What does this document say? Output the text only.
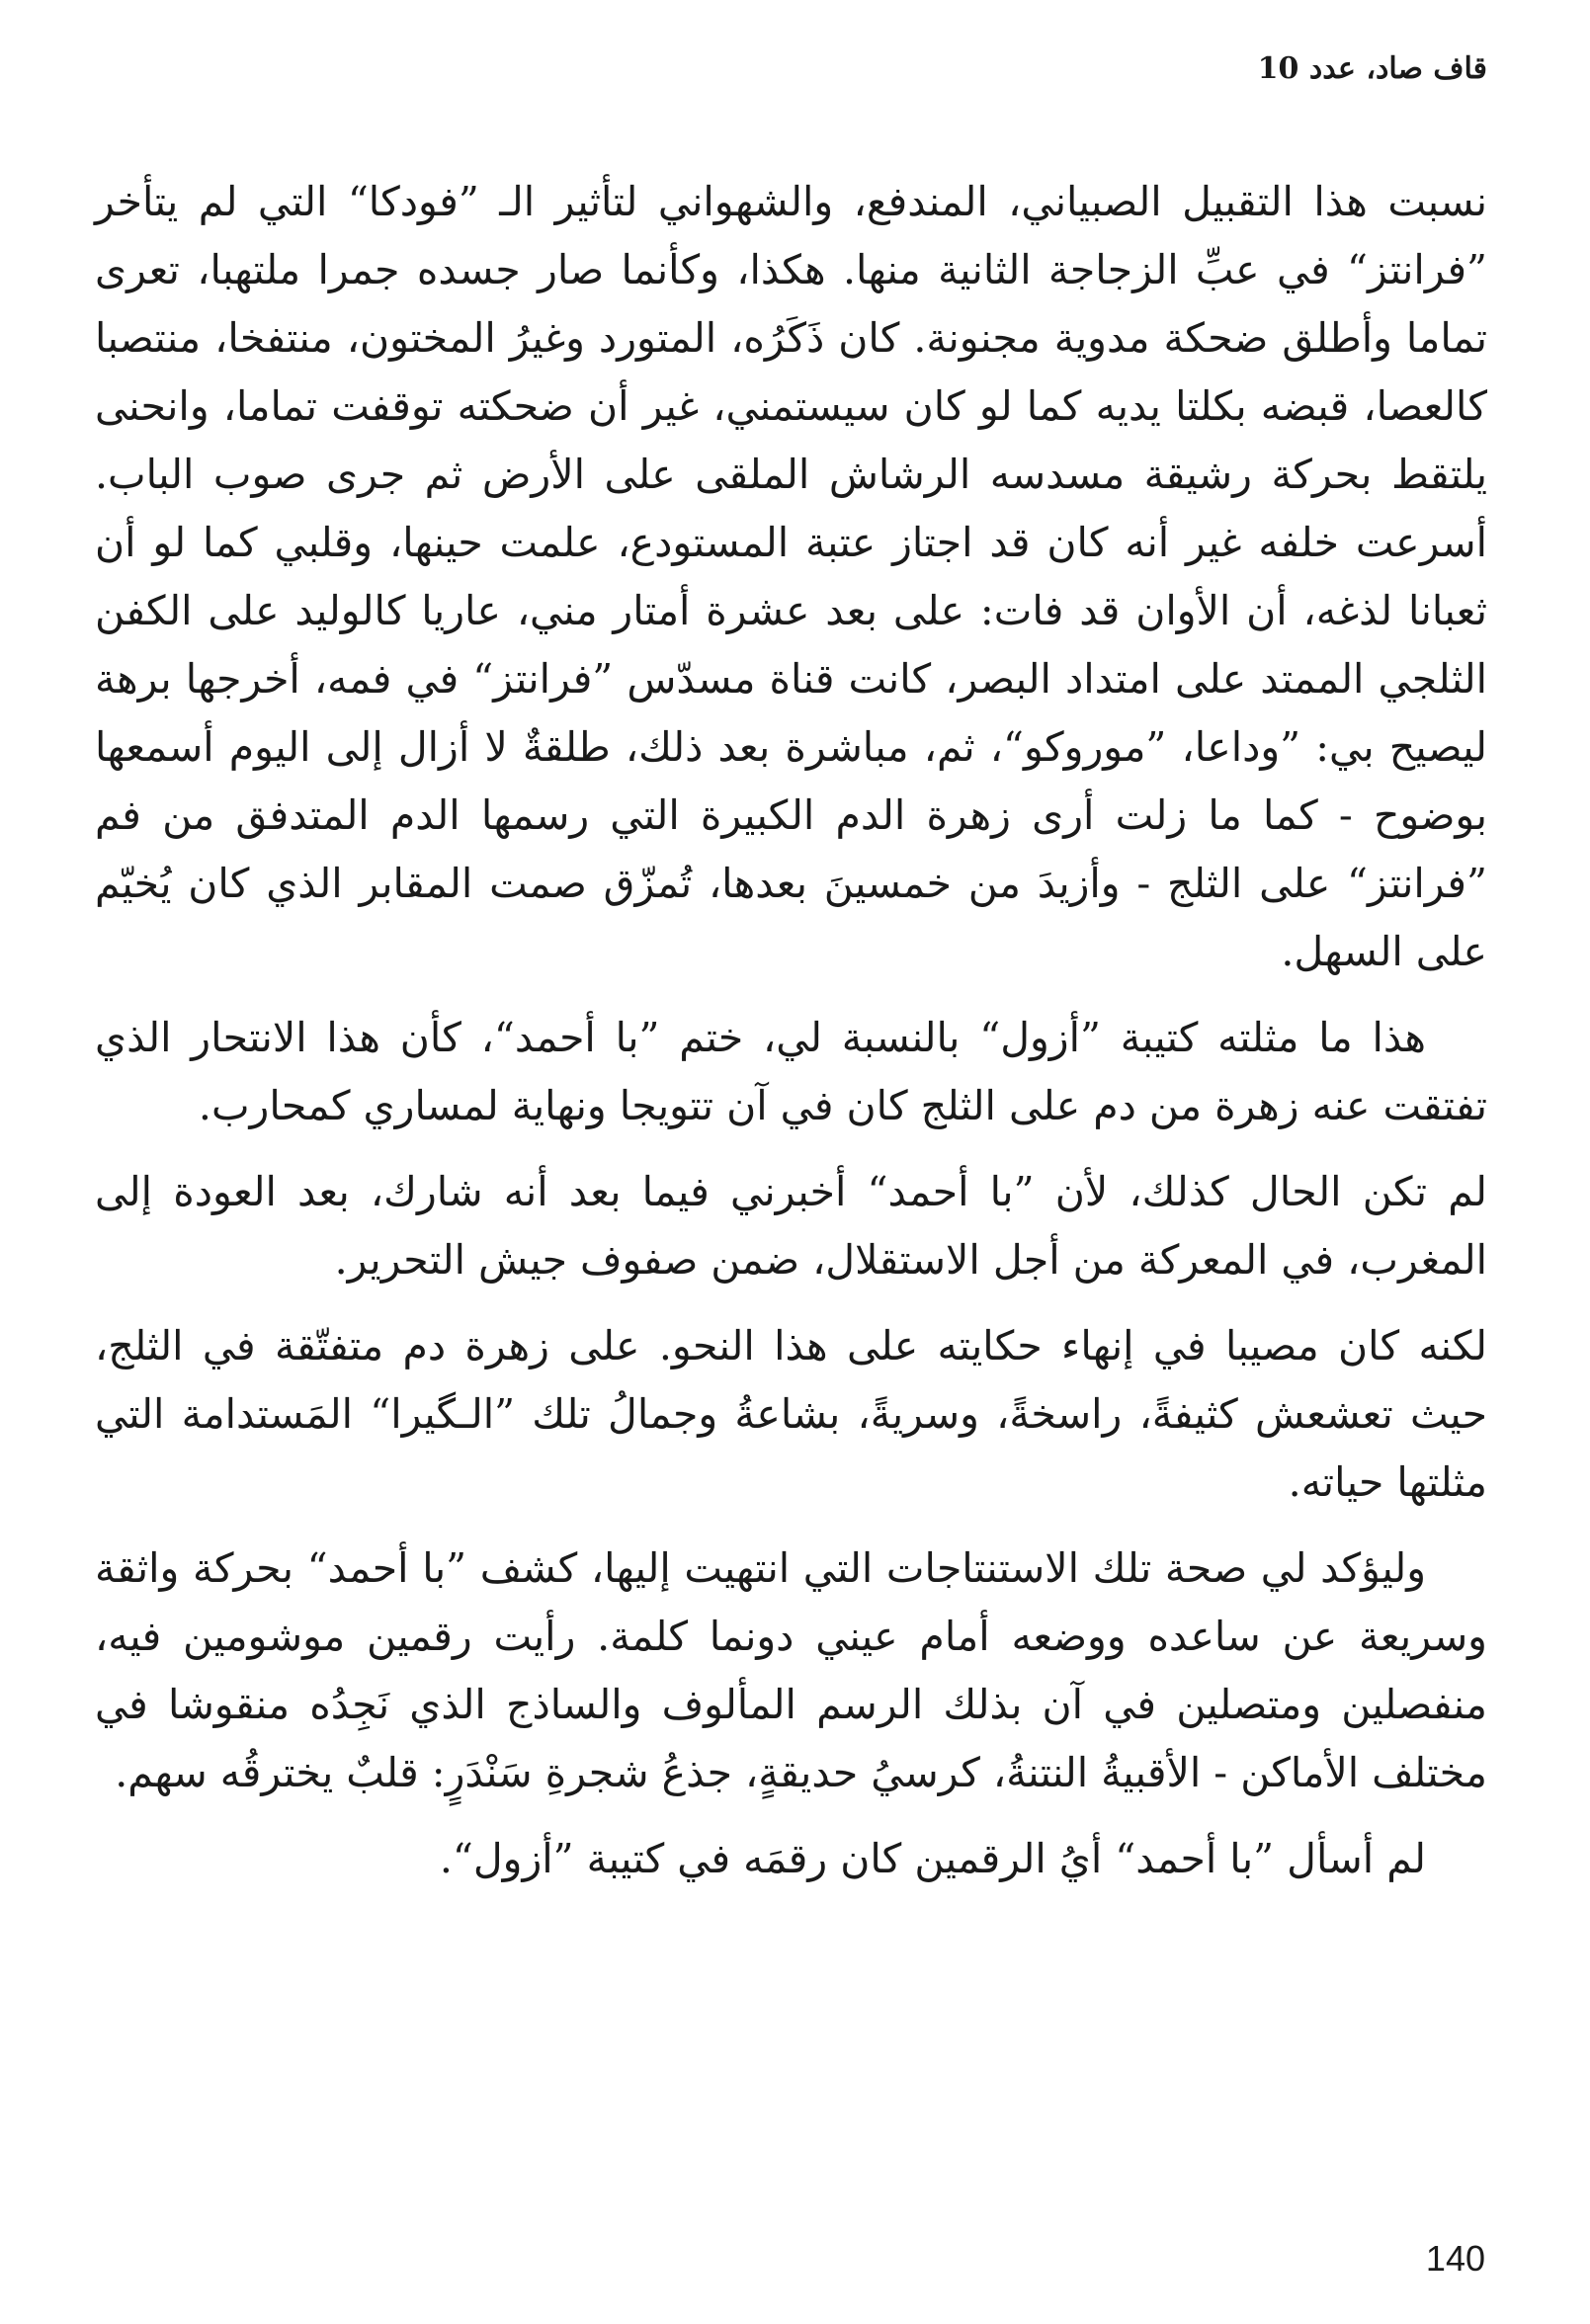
قاف صاد، عدد 10

نسبت هذا التقبيل الصبياني، المندفع، والشهواني لتأثير الـ ”فودكا“ التي لم يتأخر ”فرانتز“ في عبِّ الزجاجة الثانية منها. هكذا، وكأنما صار جسده جمرا ملتهبا، تعرى تماما وأطلق ضحكة مدوية مجنونة. كان ذَكَرُه، المتورد وغيرُ المختون، منتفخا، منتصبا كالعصا، قبضه بكلتا يديه كما لو كان سيستمني، غير أن ضحكته توقفت تماما، وانحنى يلتقط بحركة رشيقة مسدسه الرشاش الملقى على الأرض ثم جرى صوب الباب. أسرعت خلفه غير أنه كان قد اجتاز عتبة المستودع، علمت حينها، وقلبي كما لو أن ثعبانا لذغه، أن الأوان قد فات: على بعد عشرة أمتار مني، عاريا كالوليد على الكفن الثلجي الممتد على امتداد البصر، كانت قناة مسدّس ”فرانتز“ في فمه، أخرجها برهة ليصيح بي: ”وداعا، ”موروكو“، ثم، مباشرة بعد ذلك، طلقةٌ لا أزال إلى اليوم أسمعها بوضوح - كما ما زلت أرى زهرة الدم الكبيرة التي رسمها الدم المتدفق من فم ”فرانتز“ على الثلج - وأزيدَ من خمسينَ بعدها، تُمزّق صمت المقابر الذي كان يُخيّم على السهل.

هذا ما مثلته كتيبة ”أزول“ بالنسبة لي، ختم ”با أحمد“، كأن هذا الانتحار الذي تفتقت عنه زهرة من دم على الثلج كان في آن تتويجا ونهاية لمساري كمحارب.

لم تكن الحال كذلك، لأن ”با أحمد“ أخبرني فيما بعد أنه شارك، بعد العودة إلى المغرب، في المعركة من أجل الاستقلال، ضمن صفوف جيش التحرير.

لكنه كان مصيبا في إنهاء حكايته على هذا النحو. على زهرة دم متفتّقة في الثلج، حيث تعشعش كثيفةً، راسخةً، وسريةً، بشاعةُ وجمالُ تلك ”الـگيرا“ المَستدامة التي مثلتها حياته.

وليؤكد لي صحة تلك الاستنتاجات التي انتهيت إليها، كشف ”با أحمد“ بحركة واثقة وسريعة عن ساعده ووضعه أمام عيني دونما كلمة. رأيت رقمين موشومين فيه، منفصلين ومتصلين في آن بذلك الرسم المألوف والساذج الذي نَجِدُه منقوشا في مختلف الأماكن - الأقبيةُ النتنةُ، كرسيُ حديقةٍ، جذعُ شجرةِ سَنْدَرٍ: قلبٌ يخترقُه سهم.

لم أسأل ”با أحمد“ أيُ الرقمين كان رقمَه في كتيبة ”أزول“.

140
